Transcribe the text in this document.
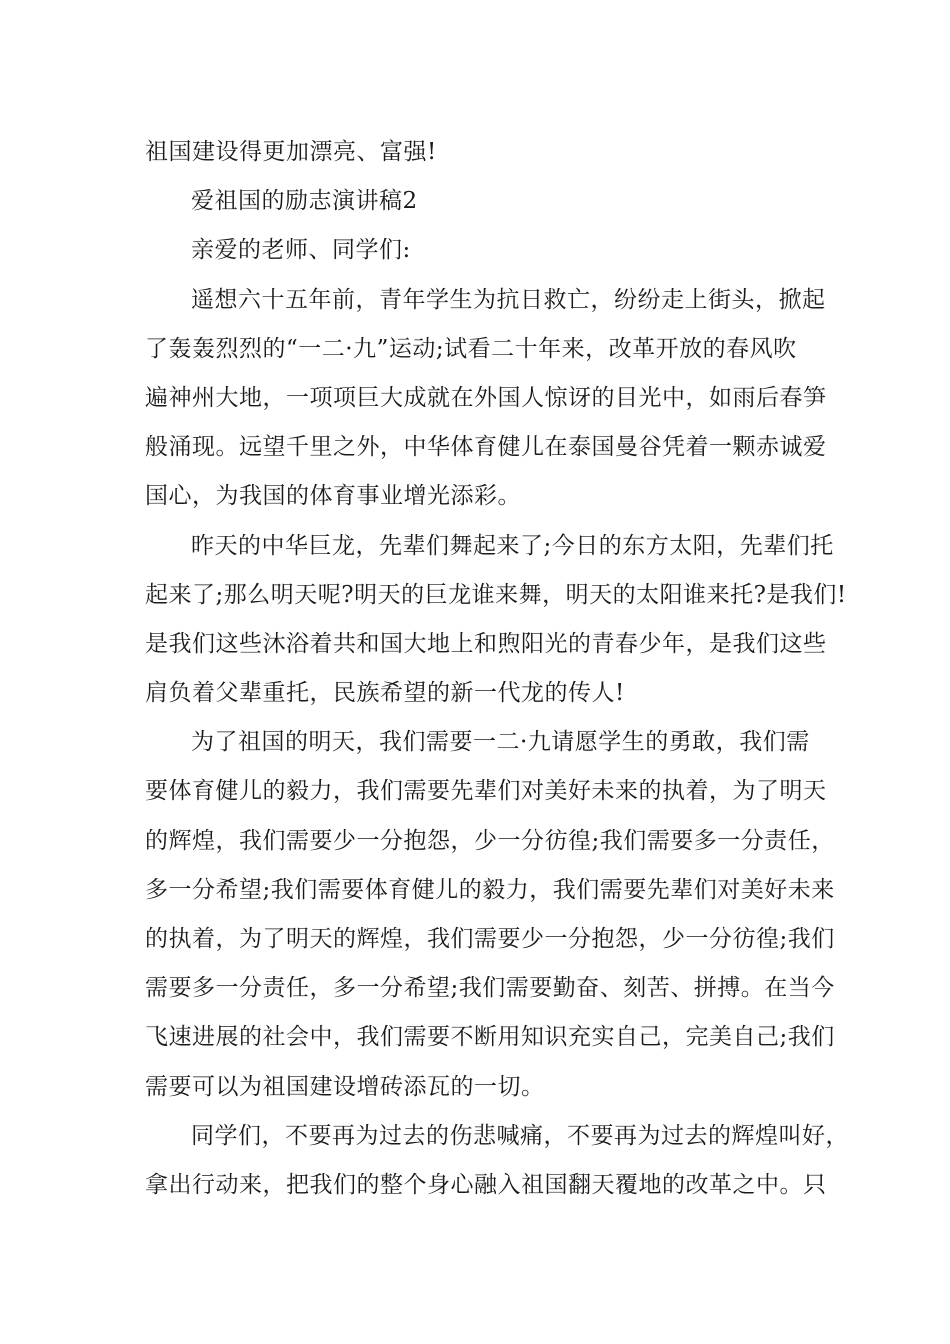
祖国建设得更加漂亮、富强!
爱祖国的励志演讲稿2
亲爱的老师、同学们:
遥想六十五年前，青年学生为抗日救亡，纷纷走上街头，掀起
了轰轰烈烈的“一二·九”运动;试看二十年来，改革开放的春风吹
遍神州大地，一项项巨大成就在外国人惊讶的目光中，如雨后春笋
般涌现。远望千里之外，中华体育健儿在泰国曼谷凭着一颗赤诚爱
国心，为我国的体育事业增光添彩。
昨天的中华巨龙，先辈们舞起来了;今日的东方太阳，先辈们托
起来了;那么明天呢?明天的巨龙谁来舞，明天的太阳谁来托?是我们!
是我们这些沐浴着共和国大地上和煦阳光的青春少年，是我们这些
肩负着父辈重托，民族希望的新一代龙的传人!
为了祖国的明天，我们需要一二·九请愿学生的勇敢，我们需
要体育健儿的毅力，我们需要先辈们对美好未来的执着，为了明天
的辉煌，我们需要少一分抱怨，少一分彷徨;我们需要多一分责任，
多一分希望;我们需要体育健儿的毅力，我们需要先辈们对美好未来
的执着，为了明天的辉煌，我们需要少一分抱怨，少一分彷徨;我们
需要多一分责任，多一分希望;我们需要勤奋、刻苦、拼搏。在当今
飞速进展的社会中，我们需要不断用知识充实自己，完美自己;我们
需要可以为祖国建设增砖添瓦的一切。
同学们，不要再为过去的伤悲喊痛，不要再为过去的辉煌叫好，
拿出行动来，把我们的整个身心融入祖国翻天覆地的改革之中。只
